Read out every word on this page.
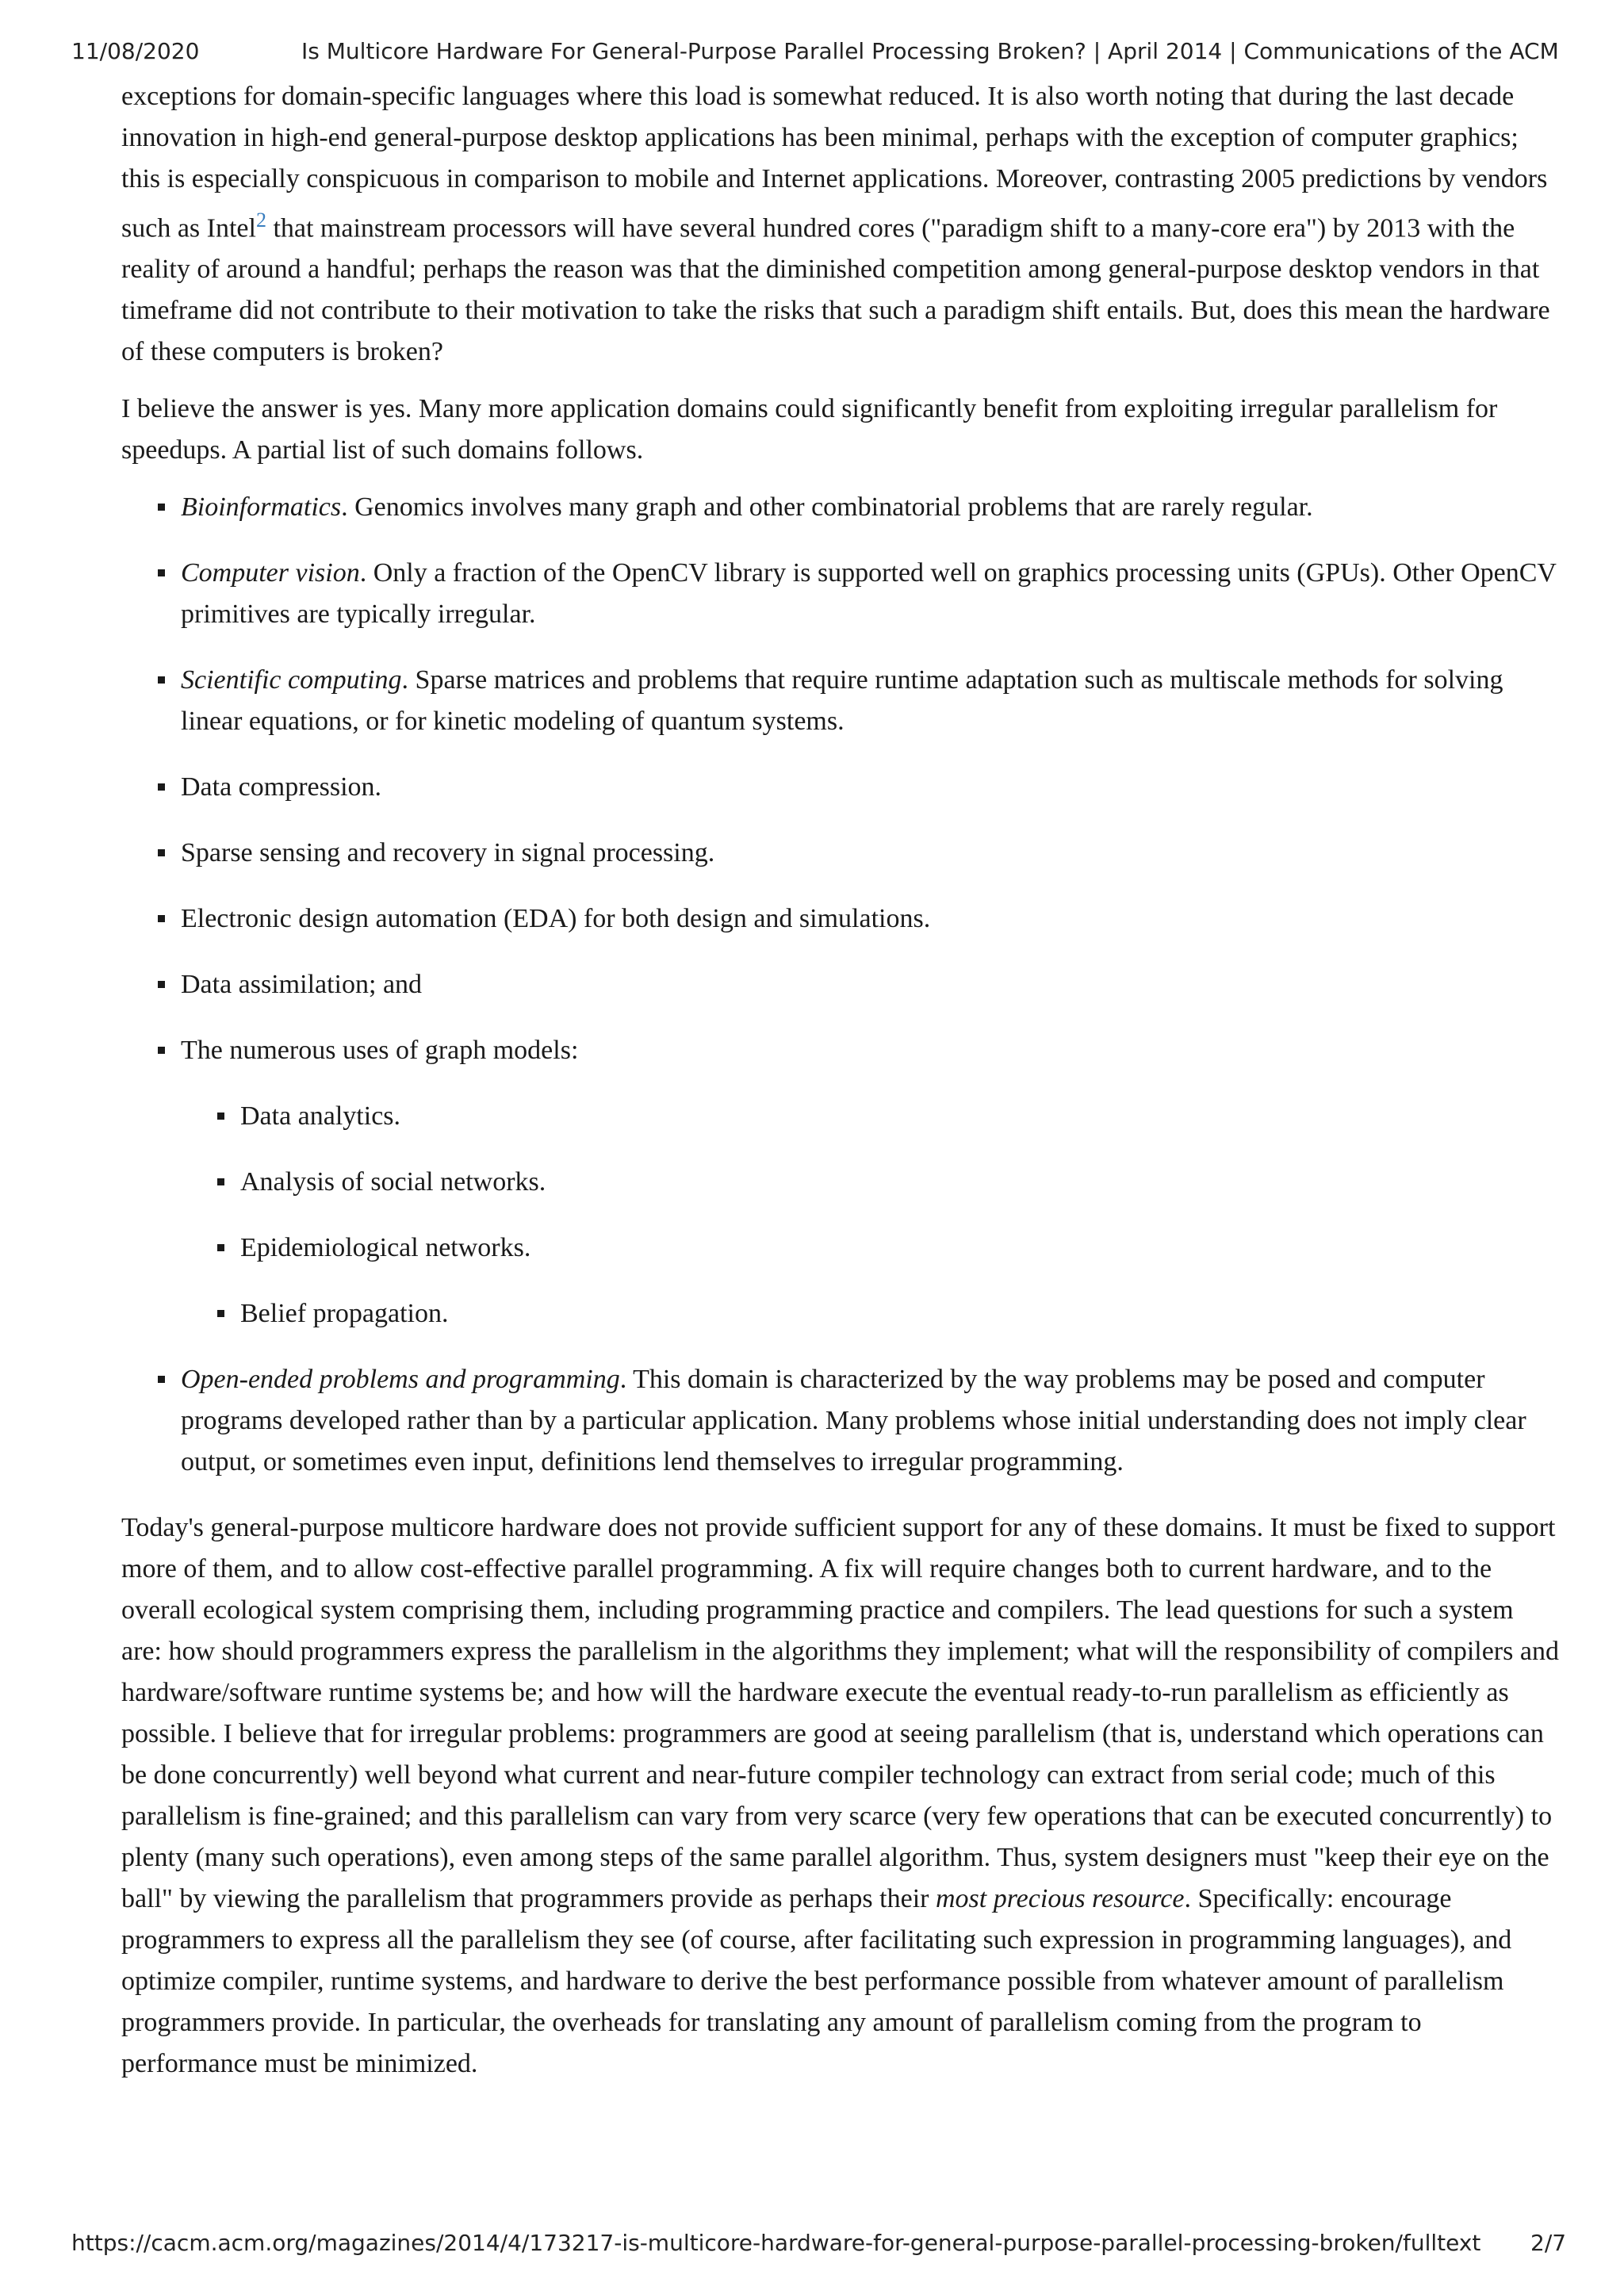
11/08/2020	Is Multicore Hardware For General-Purpose Parallel Processing Broken? | April 2014 | Communications of the ACM

exceptions for domain-specific languages where this load is somewhat reduced. It is also worth noting that during the last decade innovation in high-end general-purpose desktop applications has been minimal, perhaps with the exception of computer graphics; this is especially conspicuous in comparison to mobile and Internet applications. Moreover, contrasting 2005 predictions by vendors such as Intel$^2$ that mainstream processors will have several hundred cores ("paradigm shift to a many-core era") by 2013 with the reality of around a handful; perhaps the reason was that the diminished competition among general-purpose desktop vendors in that timeframe did not contribute to their motivation to take the risks that such a paradigm shift entails. But, does this mean the hardware of these computers is broken?

I believe the answer is yes. Many more application domains could significantly benefit from exploiting irregular parallelism for speedups. A partial list of such domains follows.

Bioinformatics. Genomics involves many graph and other combinatorial problems that are rarely regular.
Computer vision. Only a fraction of the OpenCV library is supported well on graphics processing units (GPUs). Other OpenCV primitives are typically irregular.
Scientific computing. Sparse matrices and problems that require runtime adaptation such as multiscale methods for solving linear equations, or for kinetic modeling of quantum systems.
Data compression.
Sparse sensing and recovery in signal processing.
Electronic design automation (EDA) for both design and simulations.
Data assimilation; and
The numerous uses of graph models:
Data analytics.
Analysis of social networks.
Epidemiological networks.
Belief propagation.
Open-ended problems and programming. This domain is characterized by the way problems may be posed and computer programs developed rather than by a particular application. Many problems whose initial understanding does not imply clear output, or sometimes even input, definitions lend themselves to irregular programming.

Today's general-purpose multicore hardware does not provide sufficient support for any of these domains. It must be fixed to support more of them, and to allow cost-effective parallel programming. A fix will require changes both to current hardware, and to the overall ecological system comprising them, including programming practice and compilers. The lead questions for such a system are: how should programmers express the parallelism in the algorithms they implement; what will the responsibility of compilers and hardware/software runtime systems be; and how will the hardware execute the eventual ready-to-run parallelism as efficiently as possible. I believe that for irregular problems: programmers are good at seeing parallelism (that is, understand which operations can be done concurrently) well beyond what current and near-future compiler technology can extract from serial code; much of this parallelism is fine-grained; and this parallelism can vary from very scarce (very few operations that can be executed concurrently) to plenty (many such operations), even among steps of the same parallel algorithm. Thus, system designers must "keep their eye on the ball" by viewing the parallelism that programmers provide as perhaps their most precious resource. Specifically: encourage programmers to express all the parallelism they see (of course, after facilitating such expression in programming languages), and optimize compiler, runtime systems, and hardware to derive the best performance possible from whatever amount of parallelism programmers provide. In particular, the overheads for translating any amount of parallelism coming from the program to performance must be minimized.

https://cacm.acm.org/magazines/2014/4/173217-is-multicore-hardware-for-general-purpose-parallel-processing-broken/fulltext 2/7
